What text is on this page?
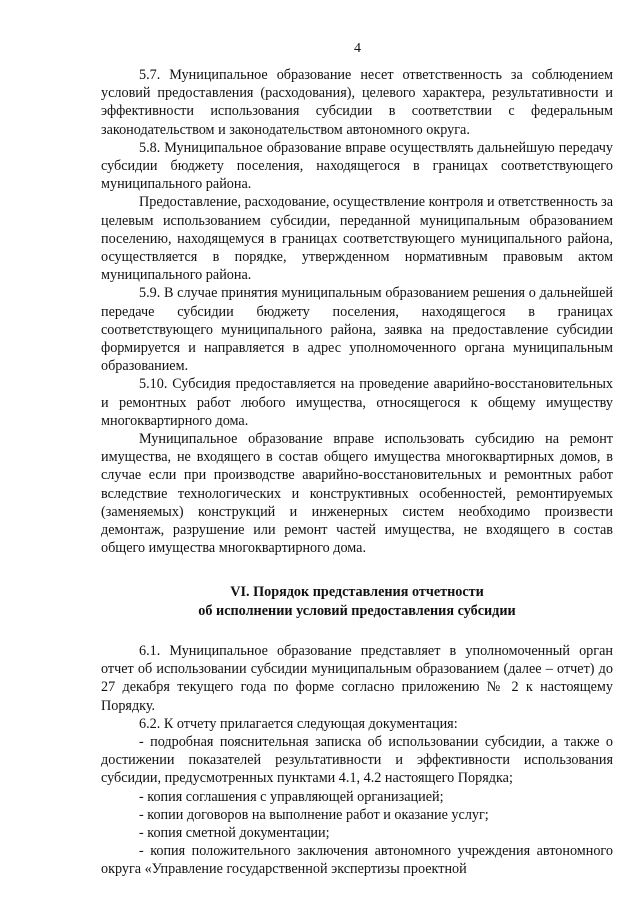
4

5.7. Муниципальное образование несет ответственность за соблюдением условий предоставления (расходования), целевого характера, результативности и эффективности использования субсидии в соответствии с федеральным законодательством и законодательством автономного округа.

5.8. Муниципальное образование вправе осуществлять дальнейшую передачу субсидии бюджету поселения, находящегося в границах соответствующего муниципального района.

Предоставление, расходование, осуществление контроля и ответственность за целевым использованием субсидии, переданной муниципальным образованием поселению, находящемуся в границах соответствующего муниципального района, осуществляется в порядке, утвержденном нормативным правовым актом муниципального района.

5.9. В случае принятия муниципальным образованием решения о дальнейшей передаче субсидии бюджету поселения, находящегося в границах соответствующего муниципального района, заявка на предоставление субсидии формируется и направляется в адрес уполномоченного органа муниципальным образованием.

5.10. Субсидия предоставляется на проведение аварийно-восстановительных и ремонтных работ любого имущества, относящегося к общему имуществу многоквартирного дома.

Муниципальное образование вправе использовать субсидию на ремонт имущества, не входящего в состав общего имущества многоквартирных домов, в случае если при производстве аварийно-восстановительных и ремонтных работ вследствие технологических и конструктивных особенностей, ремонтируемых (заменяемых) конструкций и инженерных систем необходимо произвести демонтаж, разрушение или ремонт частей имущества, не входящего в состав общего имущества многоквартирного дома.

VI. Порядок представления отчетности

об исполнении условий предоставления субсидии

6.1. Муниципальное образование представляет в уполномоченный орган отчет об использовании субсидии муниципальным образованием (далее – отчет) до 27 декабря текущего года по форме согласно приложению № 2 к настоящему Порядку.

6.2. К отчету прилагается следующая документация:

- подробная пояснительная записка об использовании субсидии, а также о достижении показателей результативности и эффективности использования субсидии, предусмотренных пунктами 4.1, 4.2 настоящего Порядка;

- копия соглашения с управляющей организацией;

- копии договоров на выполнение работ и оказание услуг;

- копия сметной документации;

- копия положительного заключения автономного учреждения автономного округа «Управление государственной экспертизы проектной
